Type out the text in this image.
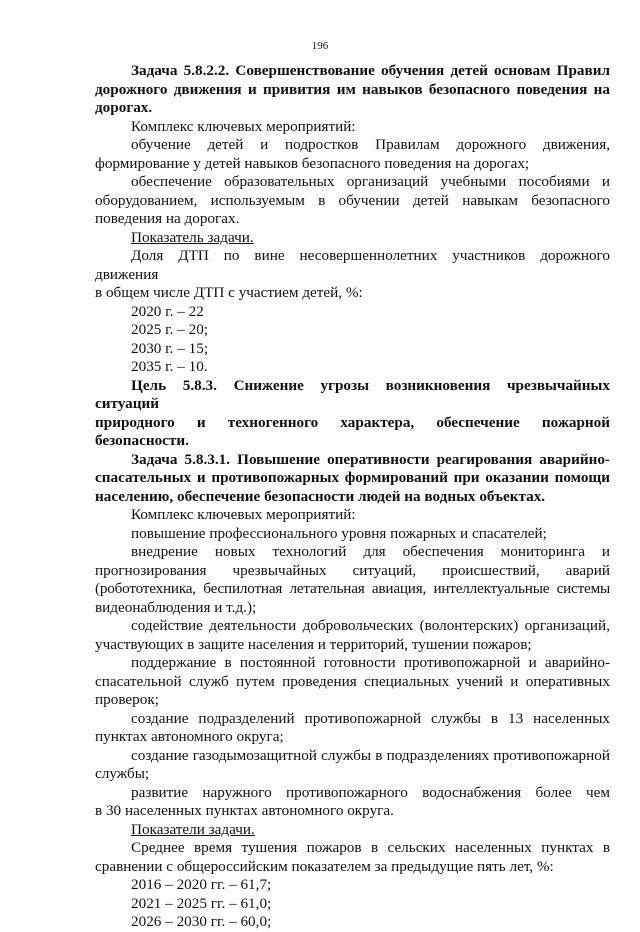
196

Задача 5.8.2.2. Совершенствование обучения детей основам Правил

дорожного движения и привития им навыков безопасного поведения на

дорогах.

Комплекс ключевых мероприятий:

обучение детей и подростков Правилам дорожного движения,

формирование у детей навыков безопасного поведения на дорогах;

обеспечение образовательных организаций учебными пособиями и

оборудованием, используемым в обучении детей навыкам безопасного

поведения на дорогах.

Показатель задачи.

Доля ДТП по вине несовершеннолетних участников дорожного движения

в общем числе ДТП с участием детей, %:

2020 г. – 22

2025 г. – 20;

2030 г. – 15;

2035 г. – 10.

Цель 5.8.3. Снижение угрозы возникновения чрезвычайных ситуаций

природного и техногенного характера, обеспечение пожарной

безопасности.

Задача 5.8.3.1. Повышение оперативности реагирования аварийно-

спасательных и противопожарных формирований при оказании помощи

населению, обеспечение безопасности людей на водных объектах.

Комплекс ключевых мероприятий:

повышение профессионального уровня пожарных и спасателей;

внедрение новых технологий для обеспечения мониторинга и

прогнозирования чрезвычайных ситуаций, происшествий, аварий

(робототехника, беспилотная летательная авиация, интеллектуальные системы

видеонаблюдения и т.д.);

содействие деятельности добровольческих (волонтерских) организаций,

участвующих в защите населения и территорий, тушении пожаров;

поддержание в постоянной готовности противопожарной и аварийно-

спасательной служб путем проведения специальных учений и оперативных

проверок;

создание подразделений противопожарной службы в 13 населенных

пунктах автономного округа;

создание газодымозащитной службы в подразделениях противопожарной

службы;

развитие наружного противопожарного водоснабжения более чем

в 30 населенных пунктах автономного округа.

Показатели задачи.

Среднее время тушения пожаров в сельских населенных пунктах в

сравнении с общероссийским показателем за предыдущие пять лет, %:

2016 – 2020 гг. – 61,7;

2021 – 2025 гг. – 61,0;

2026 – 2030 гг. – 60,0;
